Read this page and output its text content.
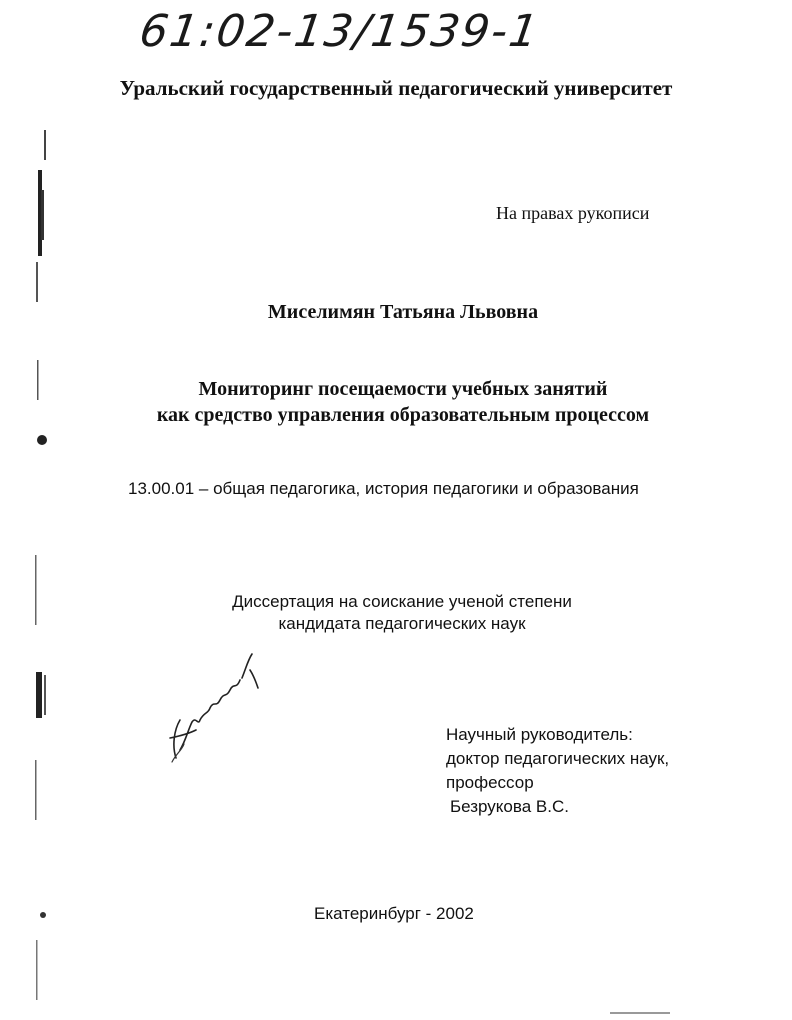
61:02-13/1539-1
Уральский государственный педагогический университет
На правах рукописи
Миселимян Татьяна Львовна
Мониторинг посещаемости учебных занятий
как средство управления образовательным процессом
13.00.01 – общая педагогика, история педагогики и образования
Диссертация на соискание ученой степени
кандидата педагогических наук
Научный руководитель:
доктор педагогических наук,
профессор
Безрукова В.С.
Екатеринбург - 2002
